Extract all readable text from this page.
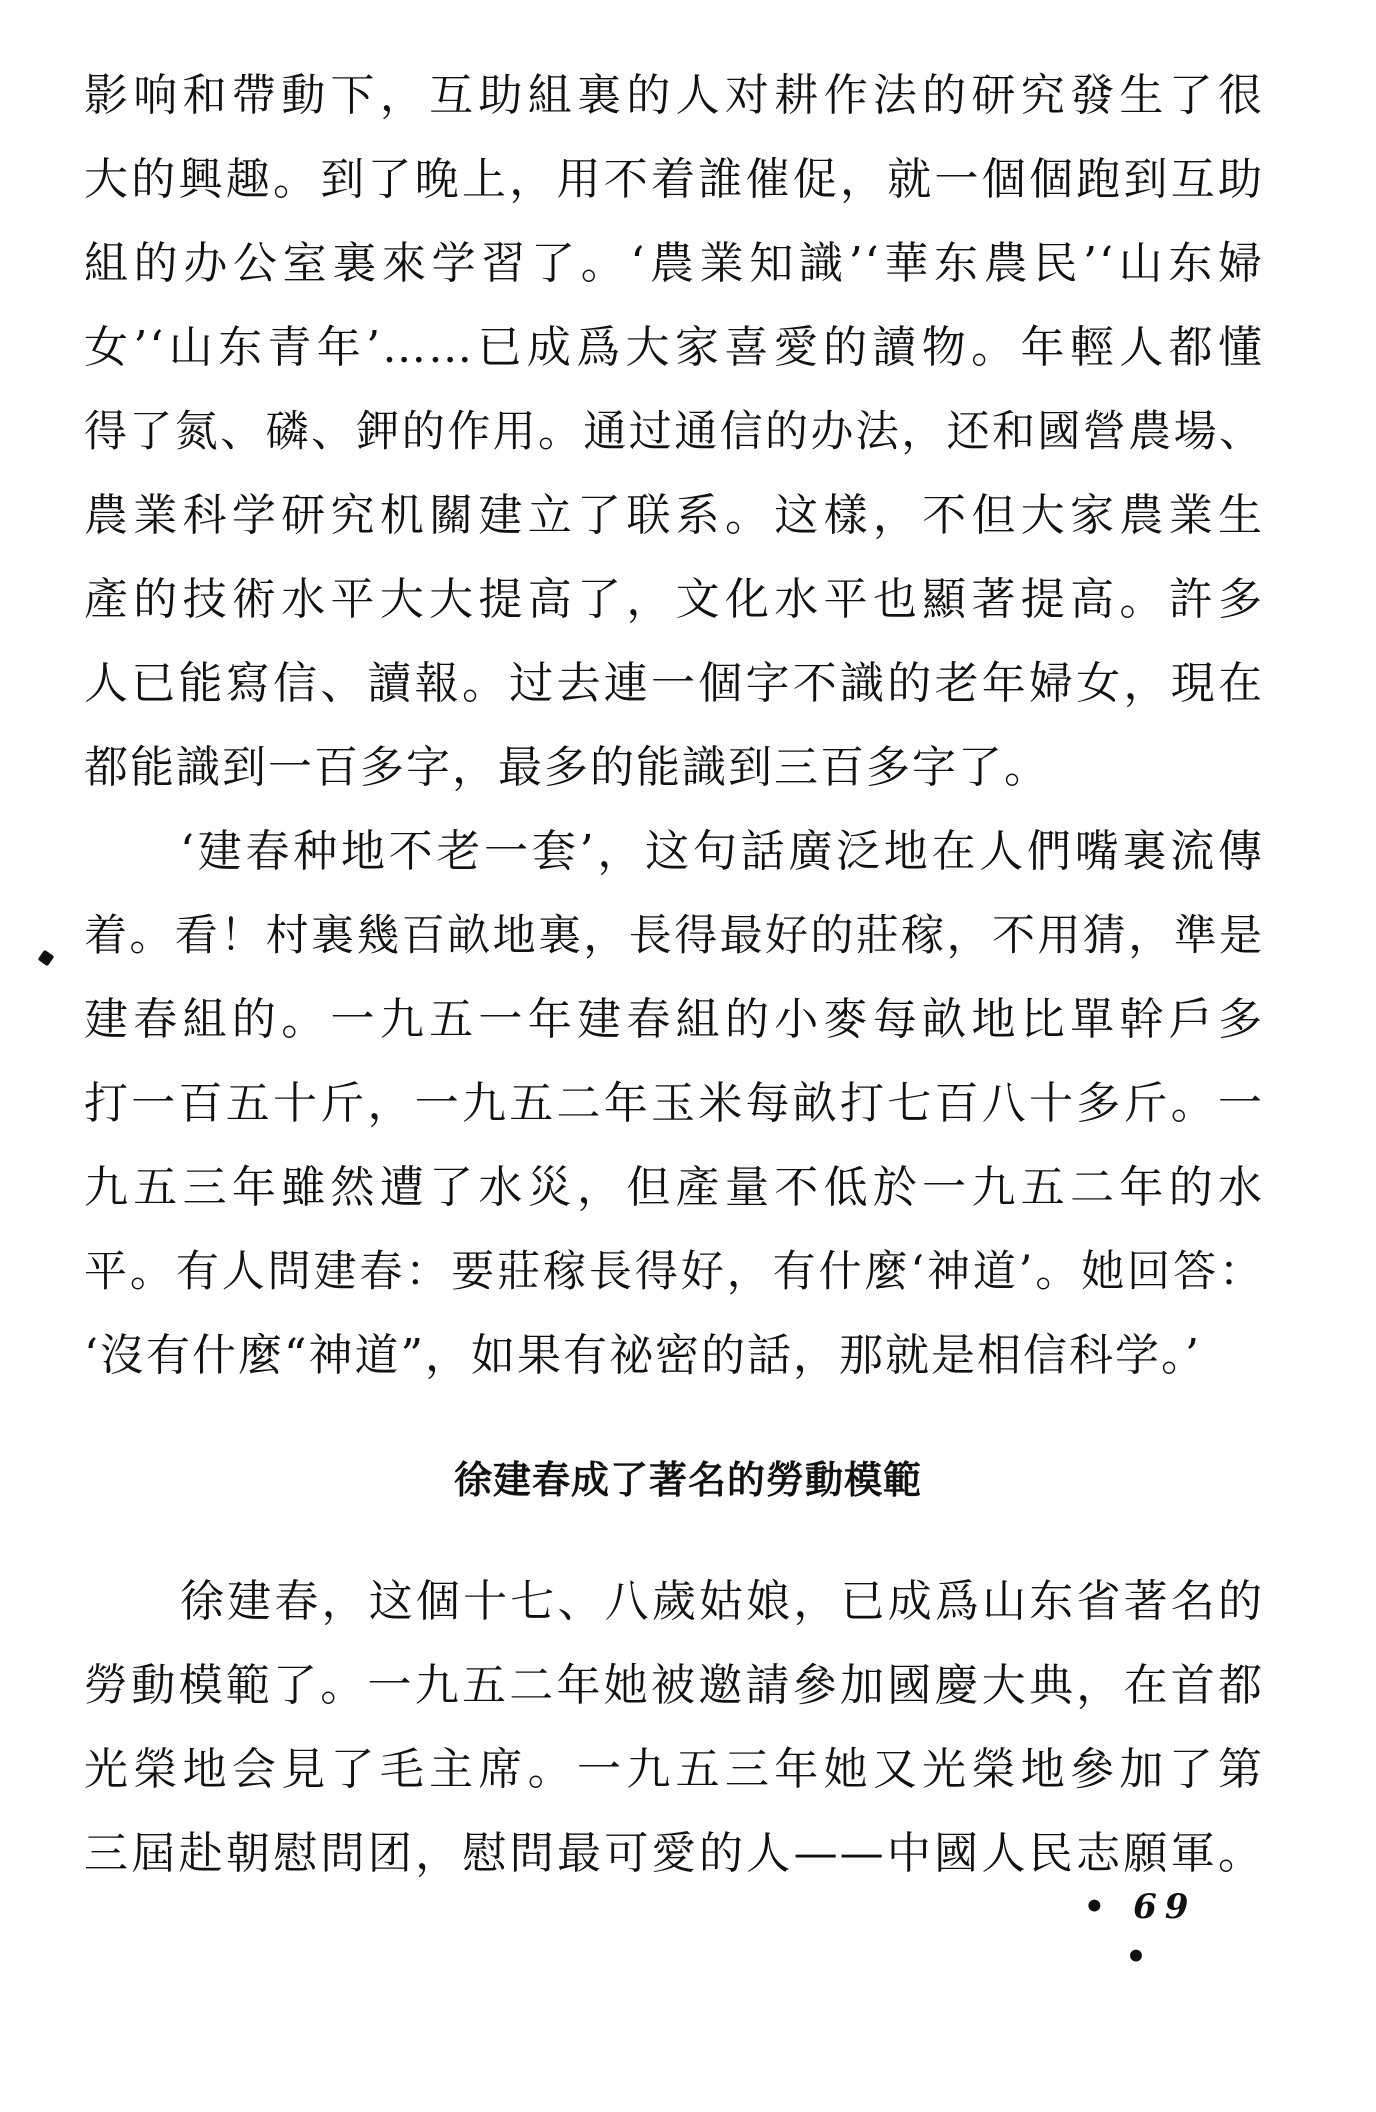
影响和帶動下，互助組裏的人对耕作法的研究發生了很
大的興趣。到了晚上，用不着誰催促，就一個個跑到互助
組的办公室裏來学習了。‘農業知識’‘華东農民’‘山东婦
女’‘山东青年’……已成爲大家喜愛的讀物。年輕人都懂
得了氮、磷、鉀的作用。通过通信的办法，还和國營農場、
農業科学研究机關建立了联系。这樣，不但大家農業生
產的技術水平大大提高了，文化水平也顯著提高。許多
人已能寫信、讀報。过去連一個字不識的老年婦女，現在
都能識到一百多字，最多的能識到三百多字了。
‘建春种地不老一套’，这句話廣泛地在人們嘴裏流傳
着。看！村裏幾百畝地裏，長得最好的莊稼，不用猜，準是
建春組的。一九五一年建春組的小麥每畝地比單幹戶多
打一百五十斤，一九五二年玉米每畝打七百八十多斤。一
九五三年雖然遭了水災，但產量不低於一九五二年的水
平。有人問建春：要莊稼長得好，有什麼‘神道’。她回答：
‘沒有什麼“神道”，如果有祕密的話，那就是相信科学。’
徐建春成了著名的勞動模範
徐建春，这個十七、八歲姑娘，已成爲山东省著名的
勞動模範了。一九五二年她被邀請參加國慶大典，在首都
光榮地会見了毛主席。一九五三年她又光榮地參加了第
三屆赴朝慰問团，慰問最可愛的人——中國人民志願軍。
• 69 •
